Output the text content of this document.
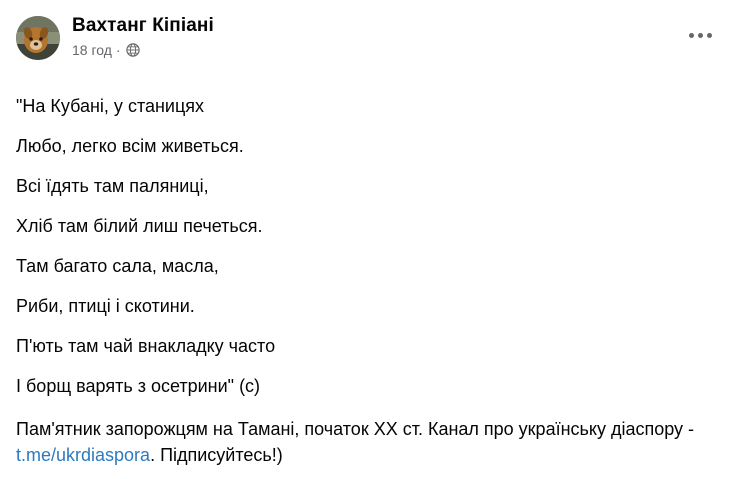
Вахтанг Кіпіані
18 год ·

"На Кубані, у станицях

Любо, легко всім живеться.

Всі їдять там паляниці,

Хліб там білий лиш печеться.

Там багато сала, масла,

Риби, птиці і скотини.

П'ють там чай внакладку часто

І борщ варять з осетрини" (с)

Пам'ятник запорожцям на Тамані, початок ХХ ст. Канал про українську діаспору - t.me/ukrdiaspora. Підписуйтесь!)
